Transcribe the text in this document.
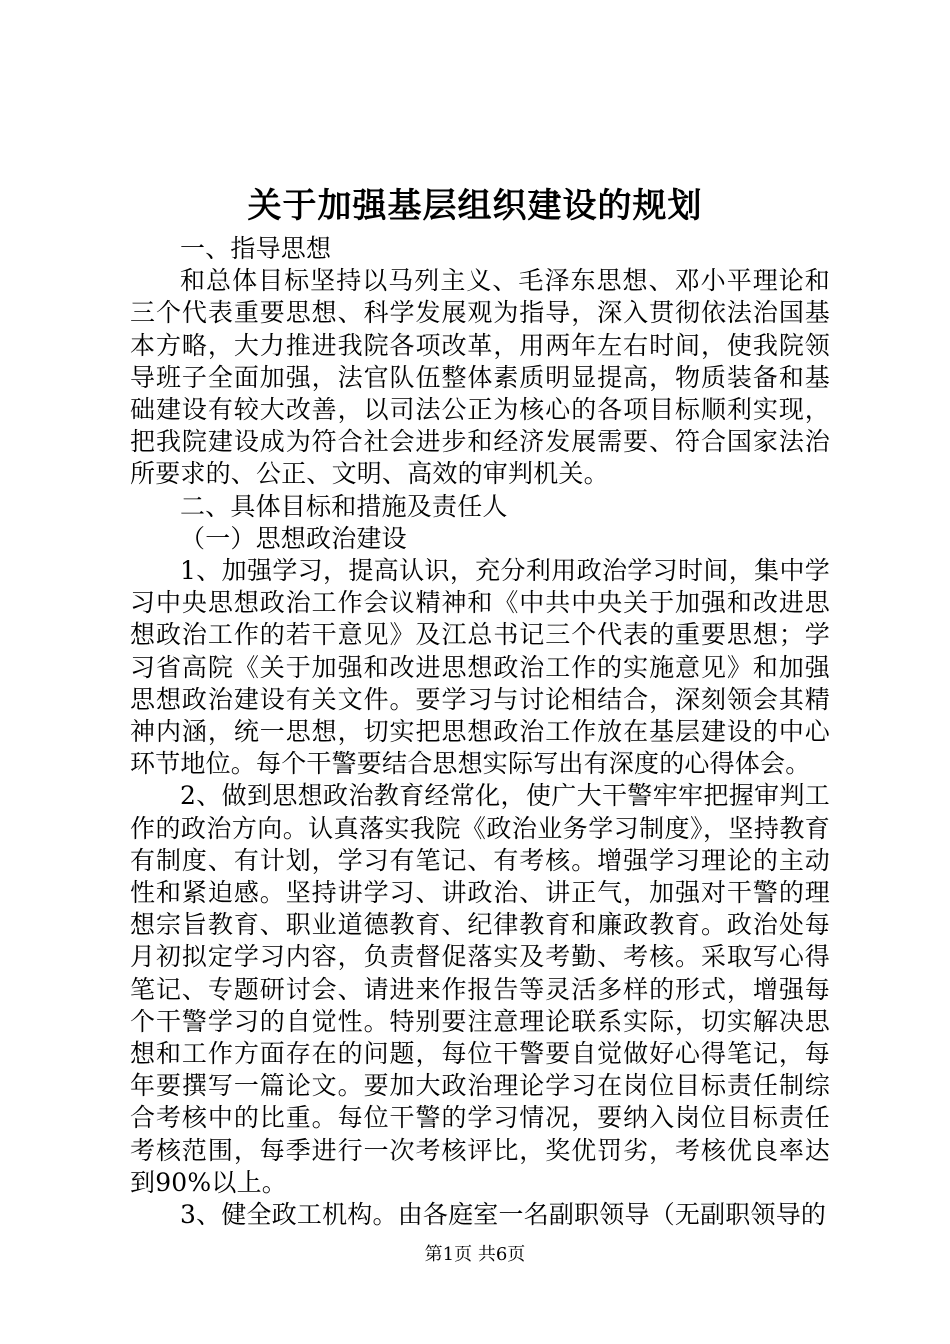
关于加强基层组织建设的规划

一、指导思想

和总体目标坚持以马列主义、毛泽东思想、邓小平理论和三个代表重要思想、科学发展观为指导，深入贯彻依法治国基本方略，大力推进我院各项改革，用两年左右时间，使我院领导班子全面加强，法官队伍整体素质明显提高，物质装备和基础建设有较大改善，以司法公正为核心的各项目标顺利实现，把我院建设成为符合社会进步和经济发展需要、符合国家法治所要求的、公正、文明、高效的审判机关。

二、具体目标和措施及责任人

（一）思想政治建设

1、加强学习，提高认识，充分利用政治学习时间，集中学习中央思想政治工作会议精神和《中共中央关于加强和改进思想政治工作的若干意见》及江总书记三个代表的重要思想；学习省高院《关于加强和改进思想政治工作的实施意见》和加强思想政治建设有关文件。要学习与讨论相结合，深刻领会其精神内涵，统一思想，切实把思想政治工作放在基层建设的中心环节地位。每个干警要结合思想实际写出有深度的心得体会。

2、做到思想政治教育经常化，使广大干警牢牢把握审判工作的政治方向。认真落实我院《政治业务学习制度》，坚持教育有制度、有计划，学习有笔记、有考核。增强学习理论的主动性和紧迫感。坚持讲学习、讲政治、讲正气，加强对干警的理想宗旨教育、职业道德教育、纪律教育和廉政教育。政治处每月初拟定学习内容，负责督促落实及考勤、考核。采取写心得笔记、专题研讨会、请进来作报告等灵活多样的形式，增强每个干警学习的自觉性。特别要注意理论联系实际，切实解决思想和工作方面存在的问题，每位干警要自觉做好心得笔记，每年要撰写一篇论文。要加大政治理论学习在岗位目标责任制综合考核中的比重。每位干警的学习情况，要纳入岗位目标责任考核范围，每季进行一次考核评比，奖优罚劣，考核优良率达到90%以上。

3、健全政工机构。由各庭室一名副职领导（无副职领导的

第1页 共6页
